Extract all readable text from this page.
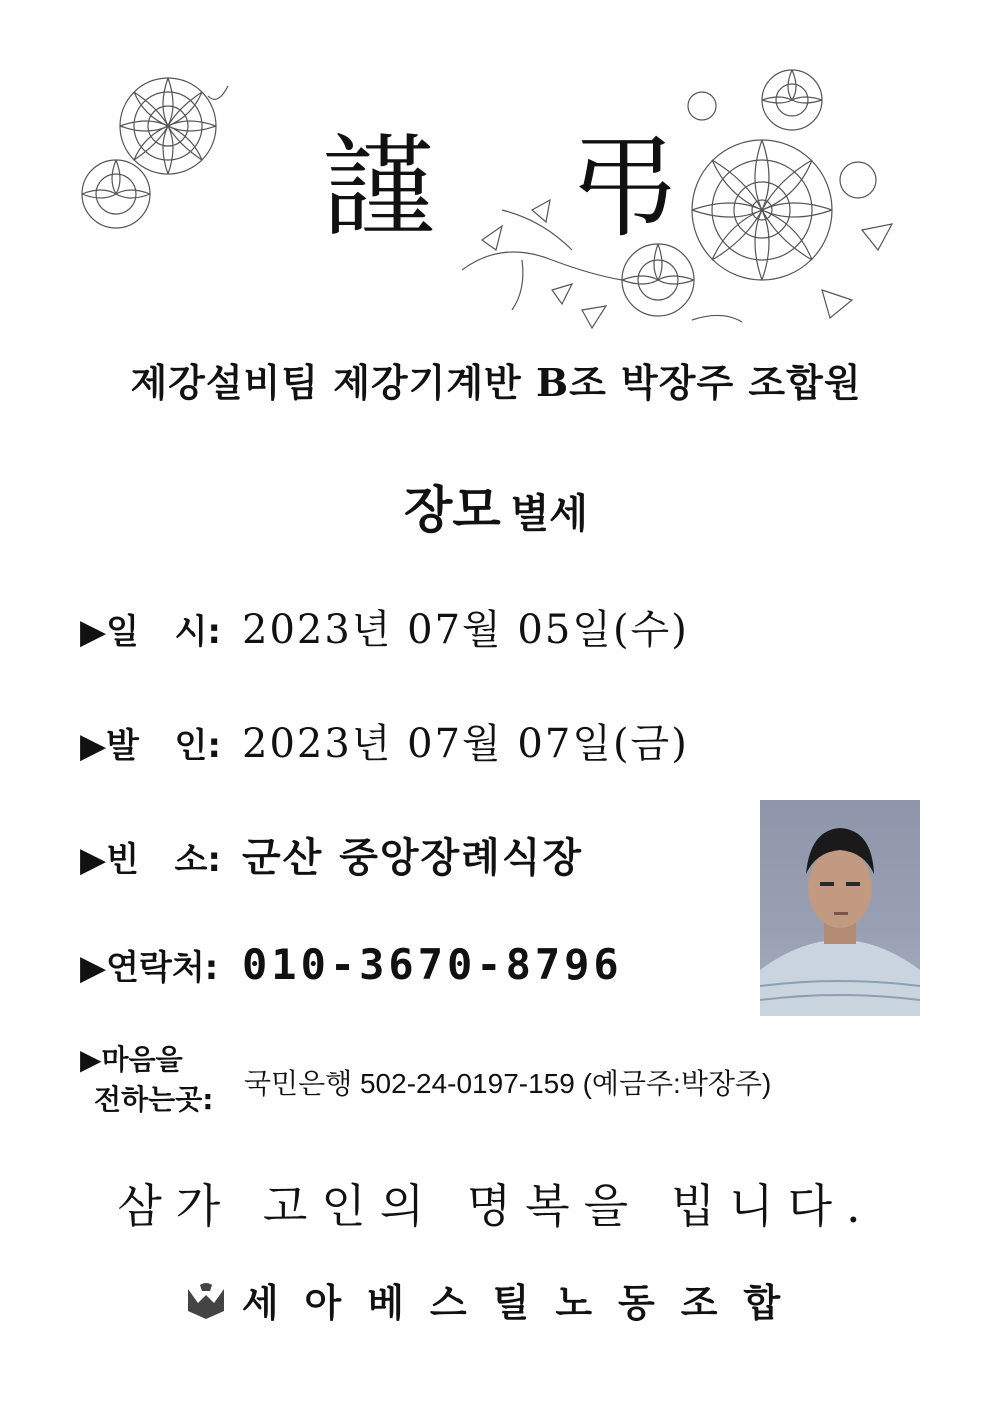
謹 弔
제강설비팀 제강기계반 B조 박장주 조합원
장모 별세
▶일   시: 2023년 07월 05일(수)
▶발   인: 2023년 07월 07일(금)
▶빈   소: 군산 중앙장례식장
▶연락처: 010-3670-8796
▶마음을
전하는곳: 국민은행 502-24-0197-159 (예금주:박장주)
삼가 고인의 명복을 빕니다.
세아베스틸노동조합
